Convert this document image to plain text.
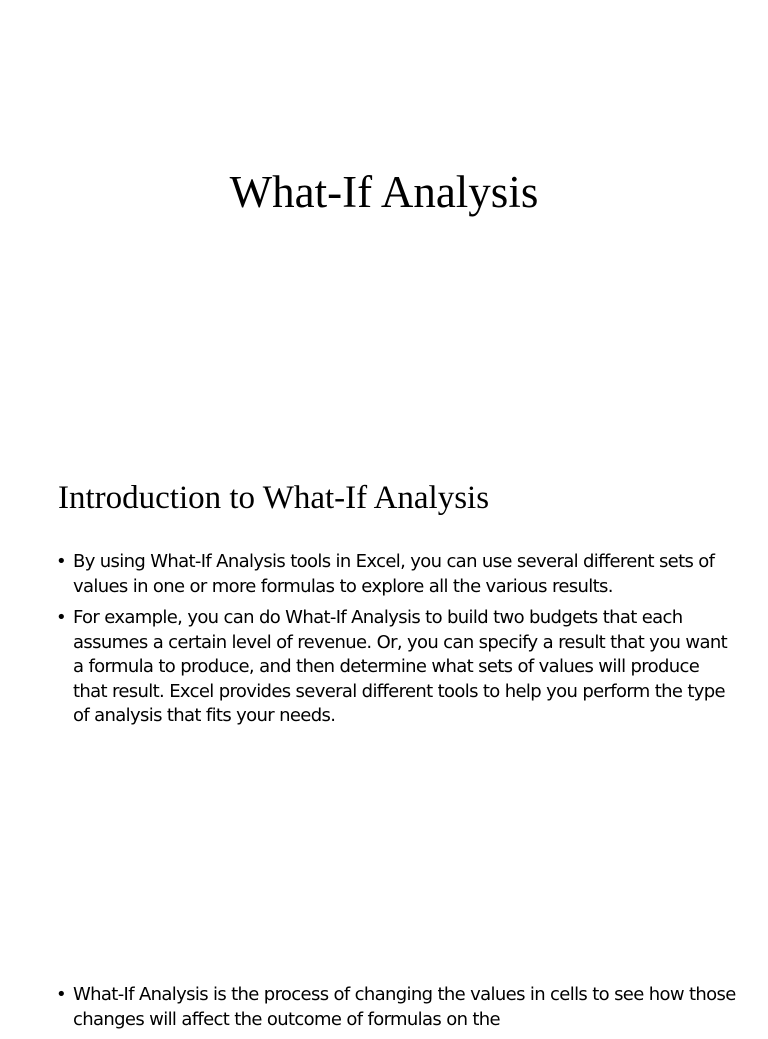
What-If Analysis
Introduction to What-If Analysis
• By using What-If Analysis tools in Excel, you can use several different sets of values in one or more formulas to explore all the various results.
• For example, you can do What-If Analysis to build two budgets that each assumes a certain level of revenue. Or, you can specify a result that you want a formula to produce, and then determine what sets of values will produce that result. Excel provides several different tools to help you perform the type of analysis that fits your needs.
• What-If Analysis is the process of changing the values in cells to see how those changes will affect the outcome of formulas on the
